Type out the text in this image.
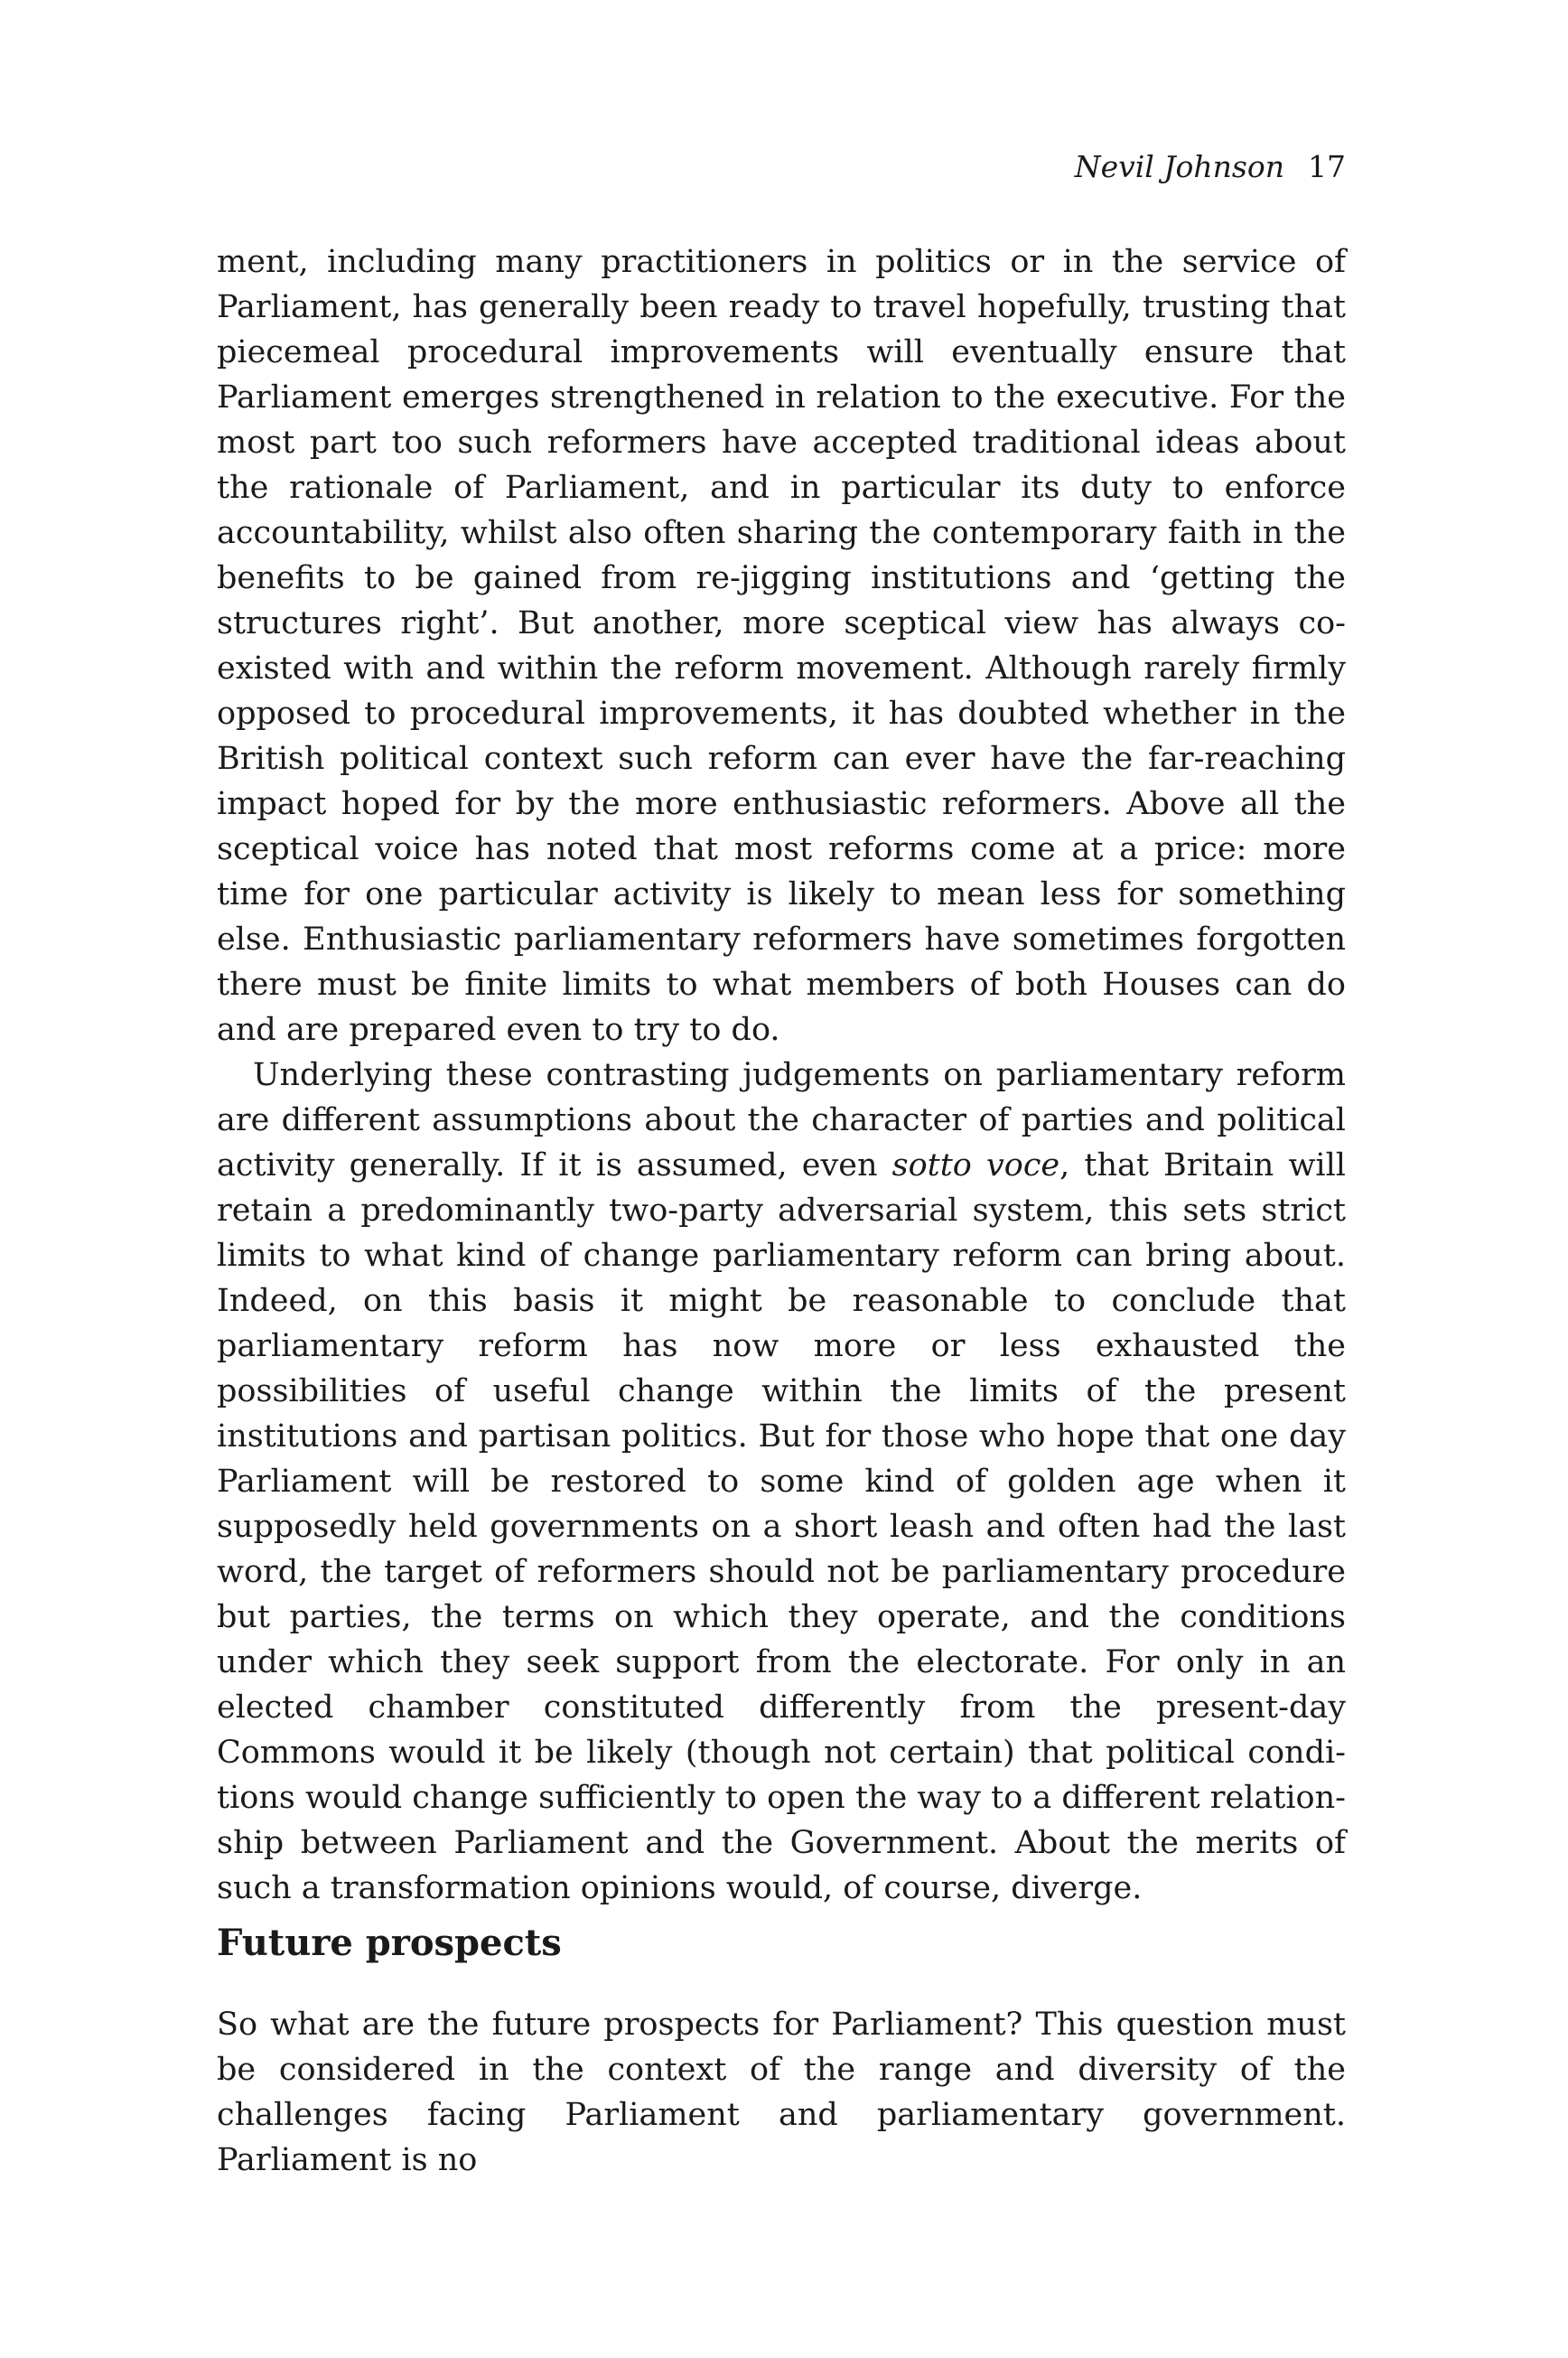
Nevil Johnson 17

ment, including many practitioners in politics or in the service of Parliament, has generally been ready to travel hopefully, trusting that piecemeal procedural improvements will eventually ensure that Parliament emerges strengthened in relation to the executive. For the most part too such reformers have accepted traditional ideas about the rationale of Parliament, and in particular its duty to enforce accountability, whilst also often sharing the contemporary faith in the benefits to be gained from re-jigging institutions and ‘getting the structures right’. But another, more sceptical view has always co-existed with and within the reform movement. Although rarely firmly opposed to procedural improvements, it has doubted whether in the British political context such reform can ever have the far-reaching impact hoped for by the more enthusiastic reformers. Above all the sceptical voice has noted that most reforms come at a price: more time for one particular activity is likely to mean less for something else. Enthusiastic parliamentary reformers have sometimes forgotten there must be finite limits to what members of both Houses can do and are prepared even to try to do.

Underlying these contrasting judgements on parliamentary reform are different assumptions about the character of parties and political activity generally. If it is assumed, even sotto voce, that Britain will retain a predominantly two-party adversarial system, this sets strict limits to what kind of change parliamentary reform can bring about. Indeed, on this basis it might be reasonable to conclude that parliamentary reform has now more or less exhausted the possibilities of useful change within the limits of the present institutions and partisan politics. But for those who hope that one day Parliament will be restored to some kind of golden age when it supposedly held governments on a short leash and often had the last word, the target of reformers should not be parliamentary procedure but parties, the terms on which they operate, and the conditions under which they seek support from the electorate. For only in an elected chamber constituted differently from the present-day Commons would it be likely (though not certain) that political conditions would change sufficiently to open the way to a different relationship between Parliament and the Government. About the merits of such a transformation opinions would, of course, diverge.

Future prospects

So what are the future prospects for Parliament? This question must be considered in the context of the range and diversity of the challenges facing Parliament and parliamentary government. Parliament is no
